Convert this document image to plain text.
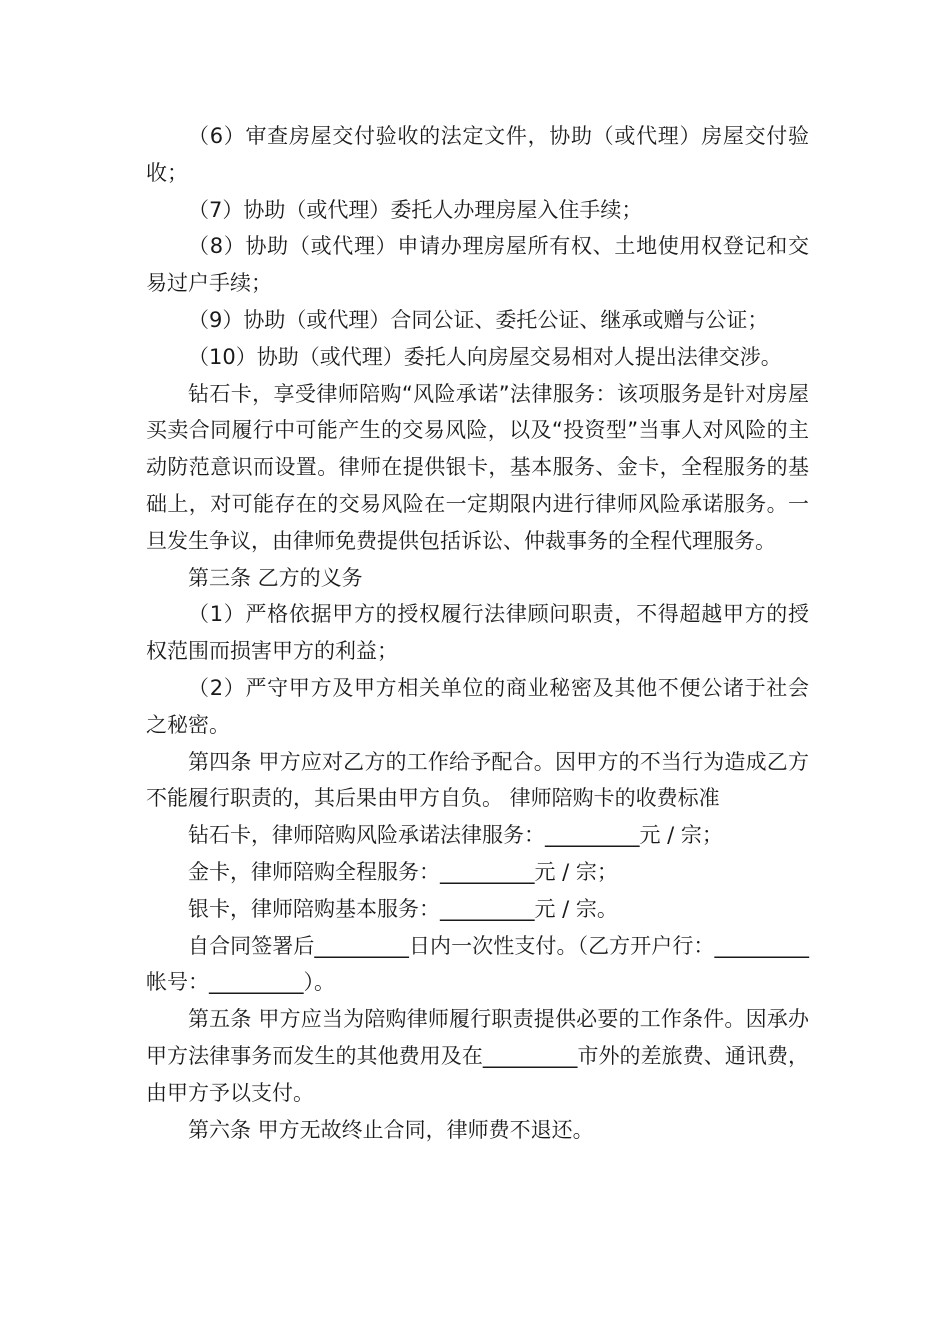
（6）审查房屋交付验收的法定文件，协助（或代理）房屋交付验收；

（7）协助（或代理）委托人办理房屋入住手续；

（8）协助（或代理）申请办理房屋所有权、土地使用权登记和交易过户手续；

（9）协助（或代理）合同公证、委托公证、继承或赠与公证；

（10）协助（或代理）委托人向房屋交易相对人提出法律交涉。

钻石卡，享受律师陪购“风险承诺”法律服务：该项服务是针对房屋买卖合同履行中可能产生的交易风险，以及“投资型”当事人对风险的主动防范意识而设置。律师在提供银卡，基本服务、金卡，全程服务的基础上，对可能存在的交易风险在一定期限内进行律师风险承诺服务。一旦发生争议，由律师免费提供包括诉讼、仲裁事务的全程代理服务。

第三条 乙方的义务

（1）严格依据甲方的授权履行法律顾问职责，不得超越甲方的授权范围而损害甲方的利益；

（2）严守甲方及甲方相关单位的商业秘密及其他不便公诸于社会之秘密。

第四条 甲方应对乙方的工作给予配合。因甲方的不当行为造成乙方不能履行职责的，其后果由甲方自负。 律师陪购卡的收费标准

钻石卡，律师陪购风险承诺法律服务：_________元 / 宗；

金卡，律师陪购全程服务：_________元 / 宗；

银卡，律师陪购基本服务：_________元 / 宗。

自合同签署后_________日内一次性支付。（乙方开户行：_________帐号：_________）。

第五条 甲方应当为陪购律师履行职责提供必要的工作条件。因承办甲方法律事务而发生的其他费用及在_________市外的差旅费、通讯费，由甲方予以支付。

第六条 甲方无故终止合同，律师费不退还。
